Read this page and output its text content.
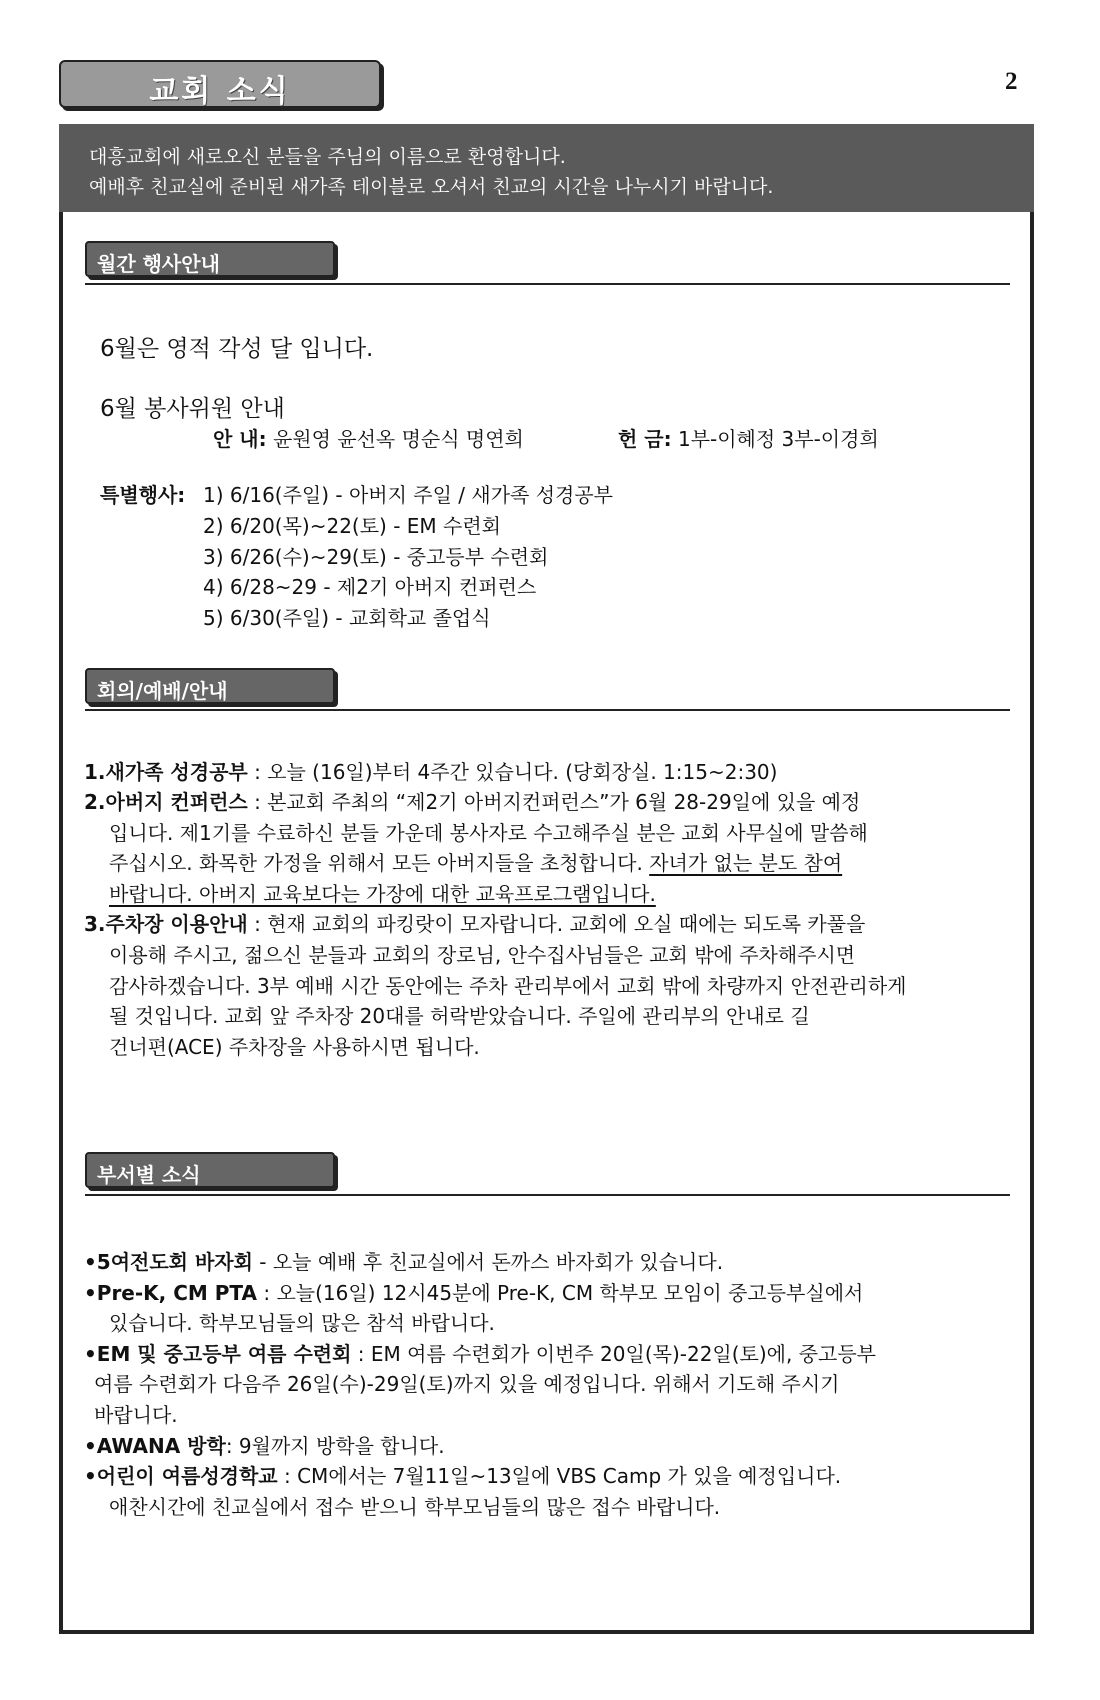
교회 소식	2
대흥교회에 새로오신 분들을 주님의 이름으로 환영합니다.
예배후 친교실에 준비된 새가족 테이블로 오셔서 친교의 시간을 나누시기 바랍니다.
월간 행사안내
6월은 영적 각성 달 입니다.
6월 봉사위원 안내
안 내: 윤원영 윤선옥 명순식 명연희	헌 금: 1부-이혜정 3부-이경희
특별행사: 1) 6/16(주일) - 아버지 주일 / 새가족 성경공부
2) 6/20(목)~22(토) - EM 수련회
3) 6/26(수)~29(토) - 중고등부 수련회
4) 6/28~29 - 제2기 아버지 컨퍼런스
5) 6/30(주일) - 교회학교 졸업식
회의/예배/안내
1.새가족 성경공부 : 오늘 (16일)부터 4주간 있습니다. (당회장실. 1:15~2:30)
2.아버지 컨퍼런스 : 본교회 주최의 “제2기 아버지컨퍼런스”가 6월 28-29일에 있을 예정
입니다. 제1기를 수료하신 분들 가운데 봉사자로 수고해주실 분은 교회 사무실에 말씀해
주십시오. 화목한 가정을 위해서 모든 아버지들을 초청합니다. 자녀가 없는 분도 참여
바랍니다. 아버지 교육보다는 가장에 대한 교육프로그램입니다.
3.주차장 이용안내 : 현재 교회의 파킹랏이 모자랍니다. 교회에 오실 때에는 되도록 카풀을
이용해 주시고, 젊으신 분들과 교회의 장로님, 안수집사님들은 교회 밖에 주차해주시면
감사하겠습니다. 3부 예배 시간 동안에는 주차 관리부에서 교회 밖에 차량까지 안전관리하게
될 것입니다. 교회 앞 주차장 20대를 허락받았습니다. 주일에 관리부의 안내로 길
건너편(ACE) 주차장을 사용하시면 됩니다.
부서별 소식
•5여전도회 바자회 - 오늘 예배 후 친교실에서 돈까스 바자회가 있습니다.
•Pre-K, CM PTA : 오늘(16일) 12시45분에 Pre-K, CM 학부모 모임이 중고등부실에서
있습니다. 학부모님들의 많은 참석 바랍니다.
•EM 및 중고등부 여름 수련회 : EM 여름 수련회가 이번주 20일(목)-22일(토)에, 중고등부
여름 수련회가 다음주 26일(수)-29일(토)까지 있을 예정입니다. 위해서 기도해 주시기
바랍니다.
•AWANA 방학: 9월까지 방학을 합니다.
•어린이 여름성경학교 : CM에서는 7월11일~13일에 VBS Camp 가 있을 예정입니다.
애찬시간에 친교실에서 접수 받으니 학부모님들의 많은 접수 바랍니다.
